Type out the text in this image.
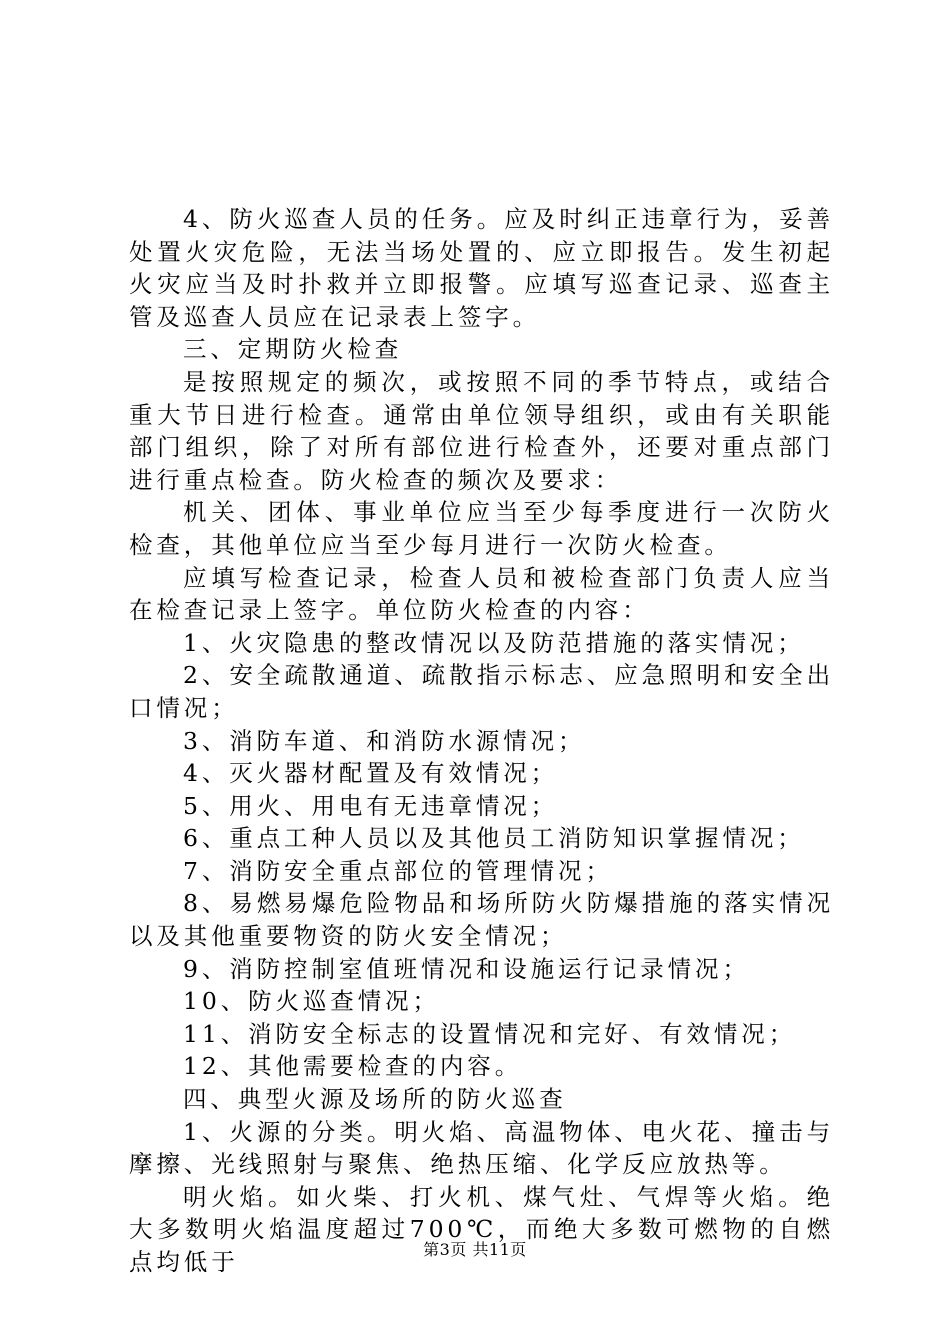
4、防火巡查人员的任务。应及时纠正违章行为，妥善处置火灾危险，无法当场处置的、应立即报告。发生初起火灾应当及时扑救并立即报警。应填写巡查记录、巡查主管及巡查人员应在记录表上签字。

三、定期防火检查

是按照规定的频次，或按照不同的季节特点，或结合重大节日进行检查。通常由单位领导组织，或由有关职能部门组织，除了对所有部位进行检查外，还要对重点部门进行重点检查。防火检查的频次及要求：

机关、团体、事业单位应当至少每季度进行一次防火检查，其他单位应当至少每月进行一次防火检查。

应填写检查记录，检查人员和被检查部门负责人应当在检查记录上签字。单位防火检查的内容：

1、火灾隐患的整改情况以及防范措施的落实情况；

2、安全疏散通道、疏散指示标志、应急照明和安全出口情况；

3、消防车道、和消防水源情况；

4、灭火器材配置及有效情况；

5、用火、用电有无违章情况；

6、重点工种人员以及其他员工消防知识掌握情况；

7、消防安全重点部位的管理情况；

8、易燃易爆危险物品和场所防火防爆措施的落实情况以及其他重要物资的防火安全情况；

9、消防控制室值班情况和设施运行记录情况；

10、防火巡查情况；

11、消防安全标志的设置情况和完好、有效情况；

12、其他需要检查的内容。

四、典型火源及场所的防火巡查

1、火源的分类。明火焰、高温物体、电火花、撞击与摩擦、光线照射与聚焦、绝热压缩、化学反应放热等。

明火焰。如火柴、打火机、煤气灶、气焊等火焰。绝大多数明火焰温度超过700℃，而绝大多数可燃物的自燃点均低于	第3页 共11页
